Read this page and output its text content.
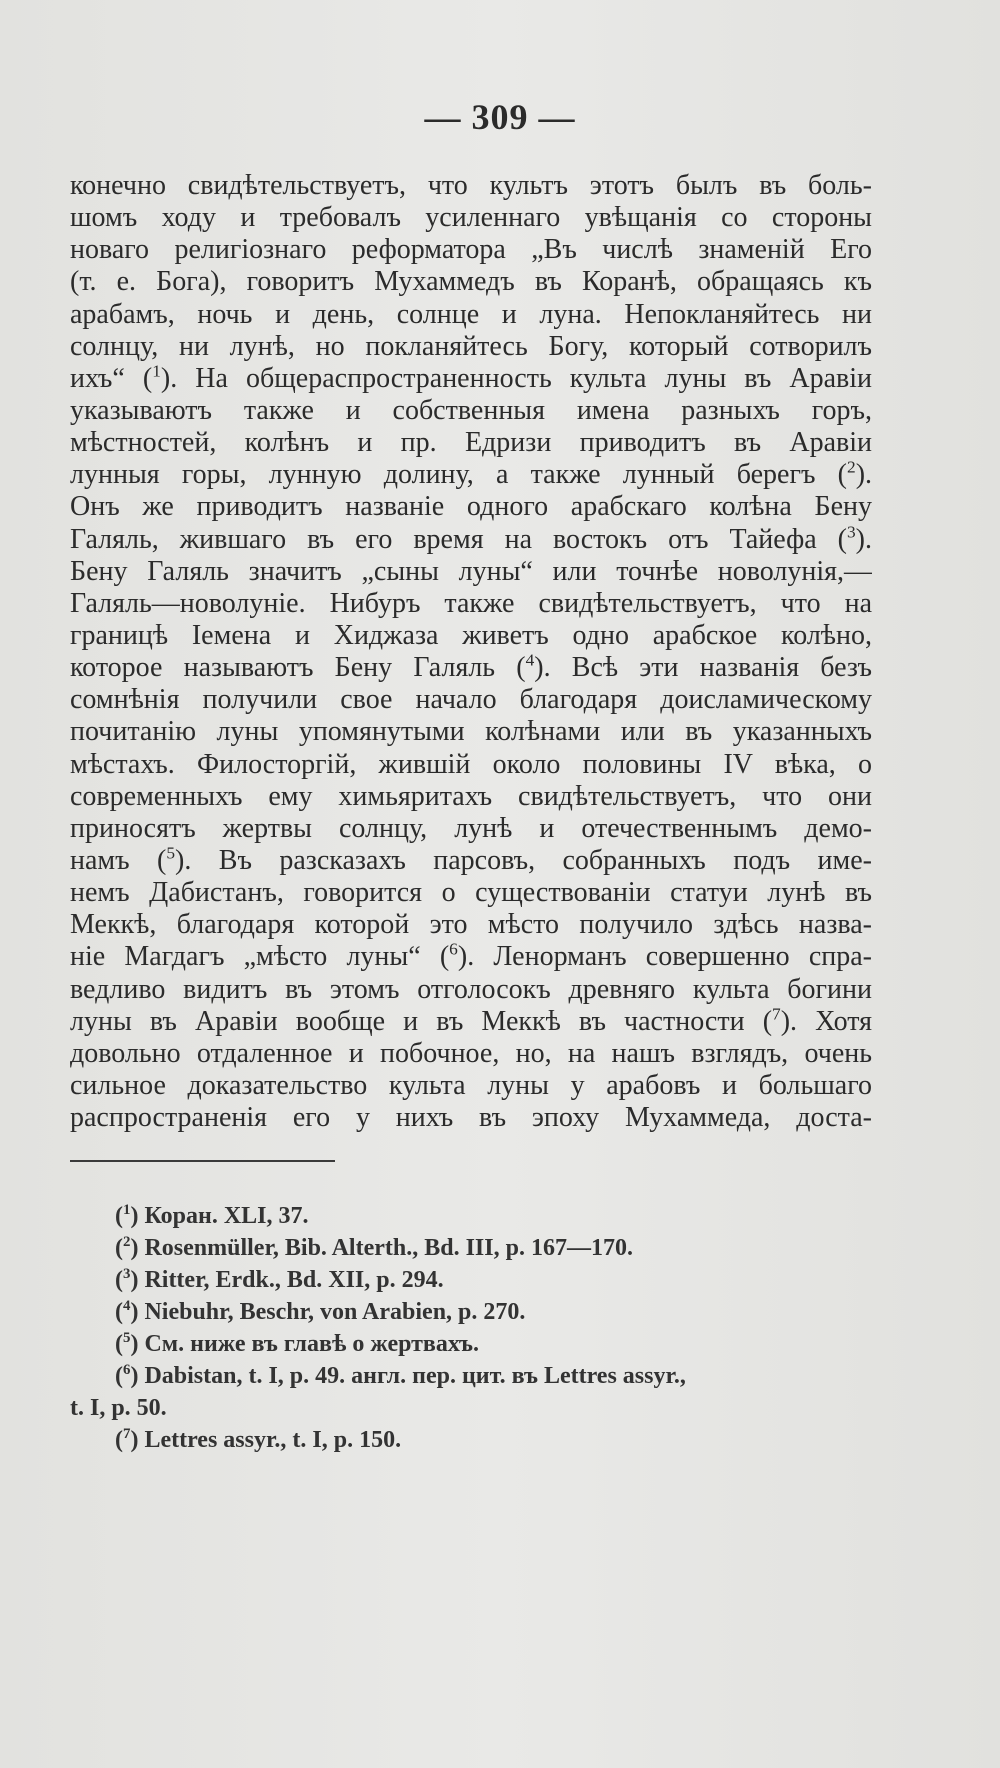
— 309 —
конечно свидѣтельствуетъ, что культъ этотъ былъ въ боль-
шомъ ходу и требовалъ усиленнаго увѣщанія со стороны
новаго религіознаго реформатора „Въ числѣ знаменій Его
(т. е. Бога), говоритъ Мухаммедъ въ Коранѣ, обращаясь къ
арабамъ, ночь и день, солнце и луна. Непокланяйтесь ни
солнцу, ни лунѣ, но покланяйтесь Богу, который сотворилъ
ихъ“ ($^1$). На общераспространенность культа луны въ Аравіи
указываютъ также и собственныя имена разныхъ горъ,
мѣстностей, колѣнъ и пр. Едризи приводитъ въ Аравіи
лунныя горы, лунную долину, а также лунный берегъ ($^2$).
Онъ же приводитъ названіе одного арабскаго колѣна Бену
Галяль, жившаго въ его время на востокъ отъ Тайефа ($^3$).
Бену Галяль значитъ „сыны луны“ или точнѣе новолунія,—
Галяль—новолуніе. Нибуръ также свидѣтельствуетъ, что на
границѣ Іемена и Хиджаза живетъ одно арабское колѣно,
которое называютъ Бену Галяль ($^4$). Всѣ эти названія безъ
сомнѣнія получили свое начало благодаря доисламическому
почитанію луны упомянутыми колѣнами или въ указанныхъ
мѣстахъ. Филосторгій, жившій около половины IV вѣка, о
современныхъ ему химьяритахъ свидѣтельствуетъ, что они
приносятъ жертвы солнцу, лунѣ и отечественнымъ демо-
намъ ($^5$). Въ разсказахъ парсовъ, собранныхъ подъ име-
немъ Дабистанъ, говорится о существованіи статуи лунѣ въ
Меккѣ, благодаря которой это мѣсто получило здѣсь назва-
ніе Магдагъ „мѣсто луны“ ($^6$). Ленорманъ совершенно спра-
ведливо видитъ въ этомъ отголосокъ древняго культа богини
луны въ Аравіи вообще и въ Меккѣ въ частности ($^7$). Хотя
довольно отдаленное и побочное, но, на нашъ взглядъ, очень
сильное доказательство культа луны у арабовъ и большаго
распространенія его у нихъ въ эпоху Мухаммеда, доста-
($^1$) Коран. XLI, 37.
($^2$) Rosenmüller, Bib. Alterth., Bd. III, p. 167—170.
($^3$) Ritter, Erdk., Bd. XII, p. 294.
($^4$) Niebuhr, Beschr, von Arabien, p. 270.
($^5$) См. ниже въ главѣ о жертвахъ.
($^6$) Dabistan, t. I, p. 49. англ. пер. цит. въ Lettres assyr.,
t. I, p. 50.
($^7$) Lettres assyr., t. I, p. 150.
